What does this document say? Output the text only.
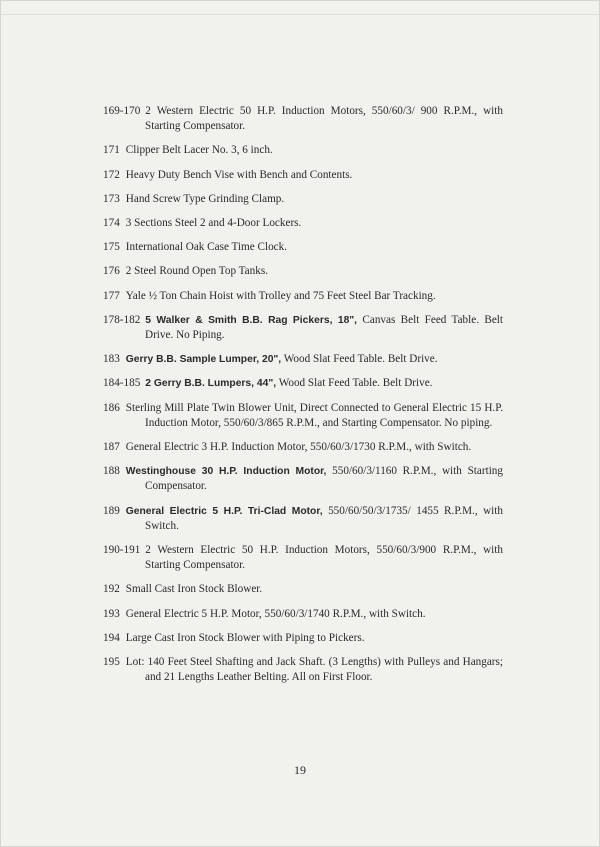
169-170 2 Western Electric 50 H.P. Induction Motors, 550/60/3/ 900 R.P.M., with Starting Compensator.
171 Clipper Belt Lacer No. 3, 6 inch.
172 Heavy Duty Bench Vise with Bench and Contents.
173 Hand Screw Type Grinding Clamp.
174 3 Sections Steel 2 and 4-Door Lockers.
175 International Oak Case Time Clock.
176 2 Steel Round Open Top Tanks.
177 Yale ½ Ton Chain Hoist with Trolley and 75 Feet Steel Bar Tracking.
178-182 5 Walker & Smith B.B. Rag Pickers, 18", Canvas Belt Feed Table. Belt Drive. No Piping.
183 Gerry B.B. Sample Lumper, 20", Wood Slat Feed Table. Belt Drive.
184-185 2 Gerry B.B. Lumpers, 44", Wood Slat Feed Table. Belt Drive.
186 Sterling Mill Plate Twin Blower Unit, Direct Connected to General Electric 15 H.P. Induction Motor, 550/60/3/865 R.P.M., and Starting Compensator. No piping.
187 General Electric 3 H.P. Induction Motor, 550/60/3/1730 R.P.M., with Switch.
188 Westinghouse 30 H.P. Induction Motor, 550/60/3/1160 R.P.M., with Starting Compensator.
189 General Electric 5 H.P. Tri-Clad Motor, 550/60/50/3/1735/ 1455 R.P.M., with Switch.
190-191 2 Western Electric 50 H.P. Induction Motors, 550/60/3/900 R.P.M., with Starting Compensator.
192 Small Cast Iron Stock Blower.
193 General Electric 5 H.P. Motor, 550/60/3/1740 R.P.M., with Switch.
194 Large Cast Iron Stock Blower with Piping to Pickers.
195 Lot: 140 Feet Steel Shafting and Jack Shaft. (3 Lengths) with Pulleys and Hangars; and 21 Lengths Leather Belting. All on First Floor.
19
